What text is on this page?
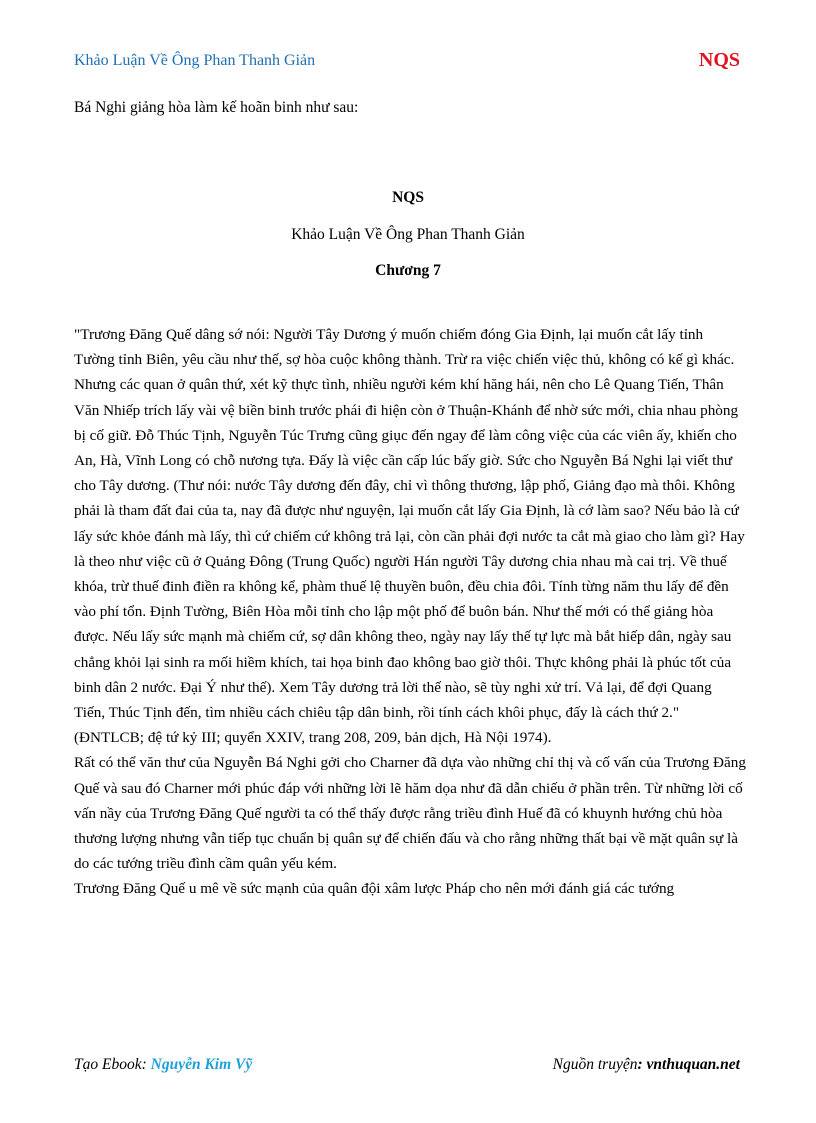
Khảo Luận Về Ông Phan Thanh Giản	NQS
Bá Nghi giảng hòa làm kế hoãn binh như sau:
NQS
Khảo Luận Về Ông Phan Thanh Giản
Chương 7

"Trương Đăng Quế dâng sớ nói: Người Tây Dương ý muốn chiếm đóng Gia Định, lại muốn cắt lấy tỉnh Tường tỉnh Biên, yêu cầu như thế, sợ hòa cuộc không thành. Trừ ra việc chiến việc thủ, không có kế gì khác. Nhưng các quan ở quân thứ, xét kỹ thực tình, nhiều người kém khí hăng hái, nên cho Lê Quang Tiến, Thân Văn Nhiếp trích lấy vài vệ biền binh trước phái đi hiện còn ở Thuận-Khánh để nhờ sức mới, chia nhau phòng bị cố giữ. Đỗ Thúc Tịnh, Nguyễn Túc Trưng cũng giục đến ngay để làm công việc của các viên ấy, khiến cho An, Hà, Vĩnh Long có chỗ nương tựa. Đấy là việc cần cấp lúc bấy giờ. Sức cho Nguyễn Bá Nghi lại viết thư cho Tây dương. (Thư nói: nước Tây dương đến đây, chỉ vì thông thương, lập phố, Giảng đạo mà thôi. Không phải là tham đất đai của ta, nay đã được như nguyện, lại muốn cắt lấy Gia Định, là cớ làm sao? Nếu bảo là cứ lấy sức khỏe đánh mà lấy, thì cứ chiếm cứ không trả lại, còn cần phải đợi nước ta cắt mà giao cho làm gì? Hay là theo như việc cũ ở Quảng Đông (Trung Quốc) người Hán người Tây dương chia nhau mà cai trị. Về thuế khóa, trừ thuế đinh điền ra không kể, phàm thuế lệ thuyền buôn, đều chia đôi. Tính từng năm thu lấy để đền vào phí tổn. Định Tường, Biên Hòa mỗi tỉnh cho lập một phố để buôn bán. Như thế mới có thể giảng hòa được. Nếu lấy sức mạnh mà chiếm cứ, sợ dân không theo, ngày nay lấy thế tự lực mà bắt hiếp dân, ngày sau chẳng khỏi lại sinh ra mối hiềm khích, tai họa binh đao không bao giờ thôi. Thực không phải là phúc tốt của binh dân 2 nước. Đại Ý như thế). Xem Tây dương trả lời thế nào, sẽ tùy nghi xử trí. Vả lại, để đợi Quang Tiến, Thúc Tịnh đến, tìm nhiều cách chiêu tập dân binh, rồi tính cách khôi phục, đấy là cách thứ 2." (ĐNTLCB; đệ tứ kỷ III; quyển XXIV, trang 208, 209, bản dịch, Hà Nội 1974).

Rất có thể văn thư của Nguyễn Bá Nghi gởi cho Charner đã dựa vào những chỉ thị và cố vấn của Trương Đăng Quế và sau đó Charner mới phúc đáp với những lời lẽ hăm dọa như đã dẫn chiếu ở phần trên. Từ những lời cố vấn nầy của Trương Đăng Quế người ta có thể thấy được rằng triều đình Huế đã có khuynh hướng chủ hòa thương lượng nhưng vẫn tiếp tục chuẩn bị quân sự để chiến đấu và cho rằng những thất bại về mặt quân sự là do các tướng triều đình cầm quân yếu kém.

Trương Đăng Quế u mê về sức mạnh của quân đội xâm lược Pháp cho nên mới đánh giá các tướng

Tạo Ebook: Nguyễn Kim Vỹ	Nguồn truyện: vnthuquan.net
